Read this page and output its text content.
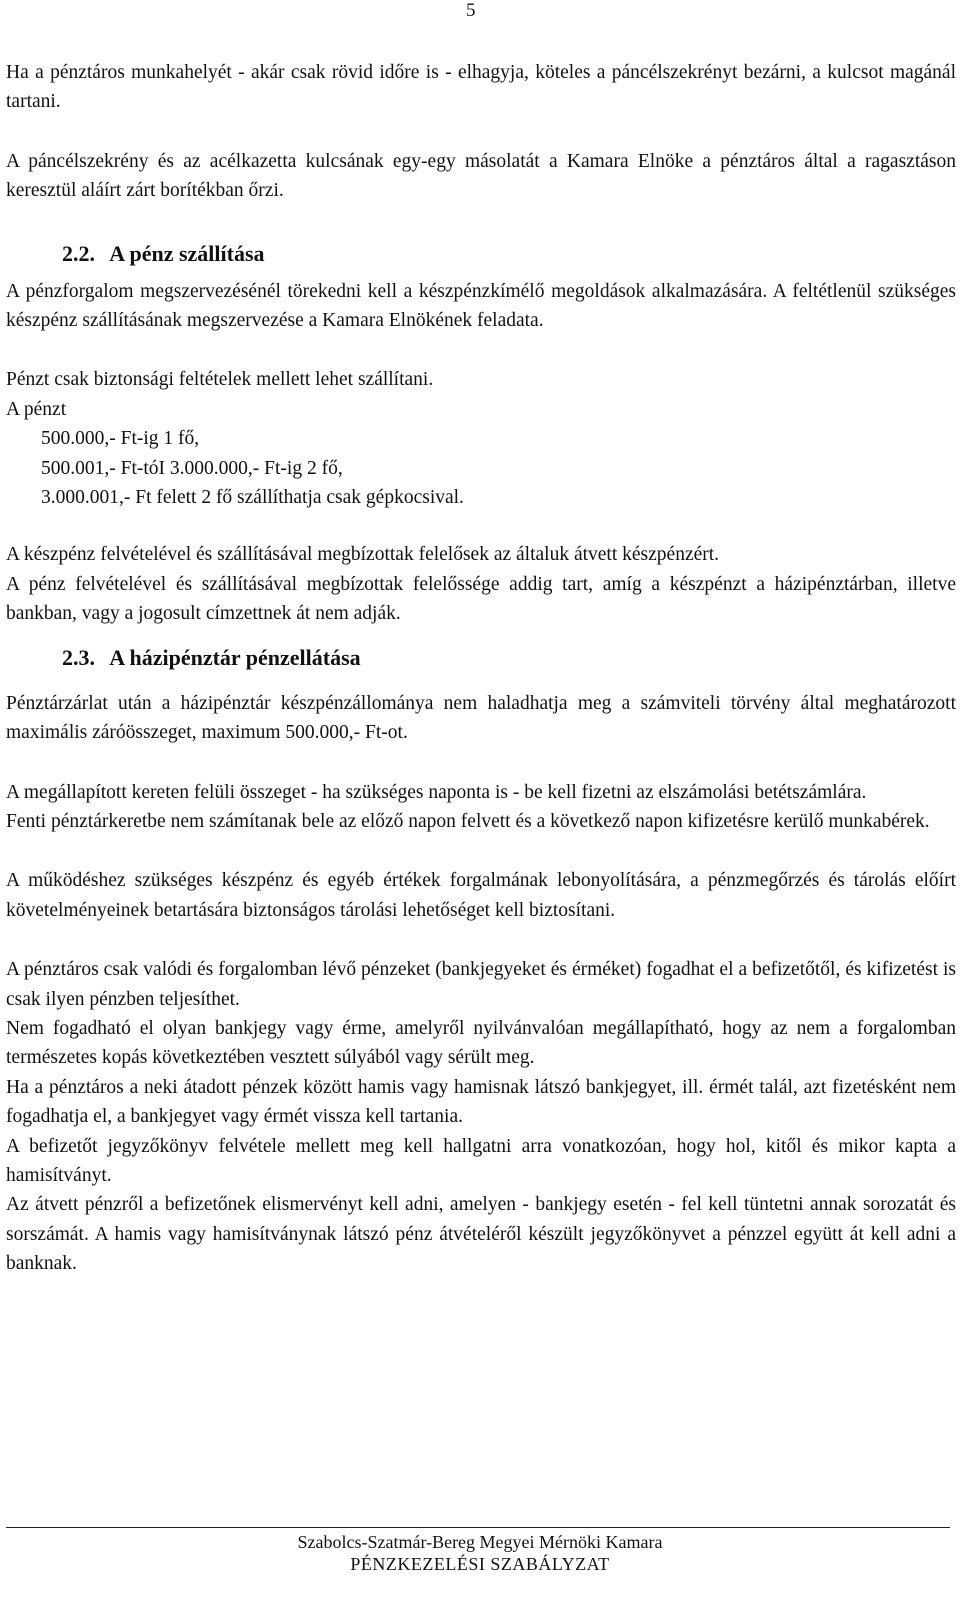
5

Ha a pénztáros munkahelyét - akár csak rövid időre is - elhagyja, köteles a páncélszekrényt bezárni, a kulcsot magánál tartani.

A páncélszekrény és az acélkazetta kulcsának egy-egy másolatát a Kamara Elnöke a pénztáros által a ragasztáson keresztül aláírt zárt borítékban őrzi.

2.2. A pénz szállítása

A pénzforgalom megszervezésénél törekedni kell a készpénzkímélő megoldások alkalmazására. A feltétlenül szükséges készpénz szállításának megszervezése a Kamara Elnökének feladata.

Pénzt csak biztonsági feltételek mellett lehet szállítani.

A pénzt

500.000,- Ft-ig 1 fő,
500.001,- Ft-tóI 3.000.000,- Ft-ig 2 fő,
3.000.001,- Ft felett 2 fő szállíthatja csak gépkocsival.

A készpénz felvételével és szállításával megbízottak felelősek az általuk átvett készpénzért.

A pénz felvételével és szállításával megbízottak felelőssége addig tart, amíg a készpénzt a házipénztárban, illetve bankban, vagy a jogosult címzettnek át nem adják.

2.3. A házipénztár pénzellátása

Pénztárzárlat után a házipénztár készpénzállománya nem haladhatja meg a számviteli törvény által meghatározott maximális záróösszeget, maximum 500.000,- Ft-ot.

A megállapított kereten felüli összeget - ha szükséges naponta is - be kell fizetni az elszámolási betétszámlára.

Fenti pénztárkeretbe nem számítanak bele az előző napon felvett és a következő napon kifizetésre kerülő munkabérek.

A működéshez szükséges készpénz és egyéb értékek forgalmának lebonyolítására, a pénzmegőrzés és tárolás előírt követelményeinek betartására biztonságos tárolási lehetőséget kell biztosítani.

A pénztáros csak valódi és forgalomban lévő pénzeket (bankjegyeket és érméket) fogadhat el a befizetőtől, és kifizetést is csak ilyen pénzben teljesíthet.

Nem fogadható el olyan bankjegy vagy érme, amelyről nyilvánvalóan megállapítható, hogy az nem a forgalomban természetes kopás következtében vesztett súlyából vagy sérült meg.

Ha a pénztáros a neki átadott pénzek között hamis vagy hamisnak látszó bankjegyet, ill. érmét talál, azt fizetésként nem fogadhatja el, a bankjegyet vagy érmét vissza kell tartania.

A befizetőt jegyzőkönyv felvétele mellett meg kell hallgatni arra vonatkozóan, hogy hol, kitől és mikor kapta a hamisítványt.

Az átvett pénzről a befizetőnek elismervényt kell adni, amelyen - bankjegy esetén - fel kell tüntetni annak sorozatát és sorszámát. A hamis vagy hamisítványnak látszó pénz átvételéről készült jegyzőkönyvet a pénzzel együtt át kell adni a banknak.

Szabolcs-Szatmár-Bereg Megyei Mérnöki Kamara
PÉNZKEZELÉSI SZABÁLYZAT
